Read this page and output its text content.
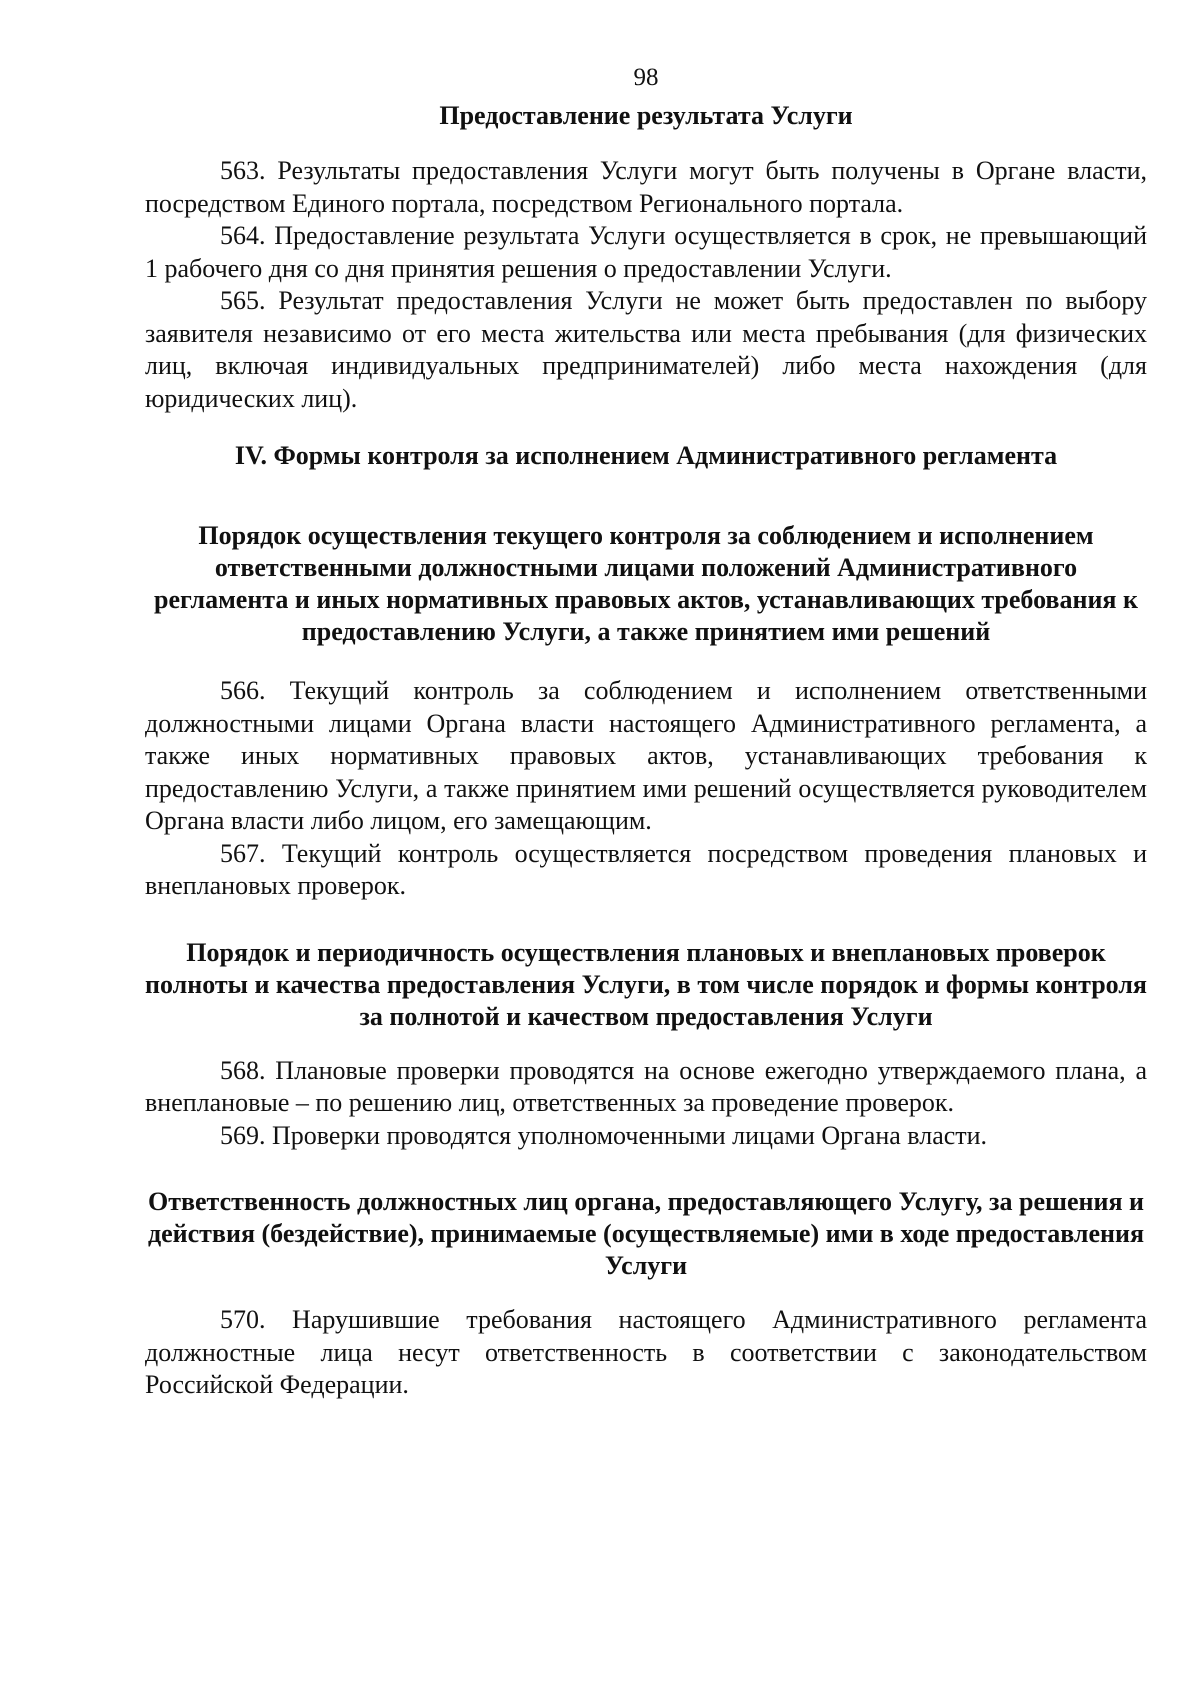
98
Предоставление результата Услуги

563. Результаты предоставления Услуги могут быть получены в Органе власти, посредством Единого портала, посредством Регионального портала.

564. Предоставление результата Услуги осуществляется в срок, не превышающий 1 рабочего дня со дня принятия решения о предоставлении Услуги.

565. Результат предоставления Услуги не может быть предоставлен по выбору заявителя независимо от его места жительства или места пребывания (для физических лиц, включая индивидуальных предпринимателей) либо места нахождения (для юридических лиц).

IV. Формы контроля за исполнением Административного регламента
Порядок осуществления текущего контроля за соблюдением и исполнением ответственными должностными лицами положений Административного регламента и иных нормативных правовых актов, устанавливающих требования к предоставлению Услуги, а также принятием ими решений

566. Текущий контроль за соблюдением и исполнением ответственными должностными лицами Органа власти настоящего Административного регламента, а также иных нормативных правовых актов, устанавливающих требования к предоставлению Услуги, а также принятием ими решений осуществляется руководителем Органа власти либо лицом, его замещающим.

567. Текущий контроль осуществляется посредством проведения плановых и внеплановых проверок.

Порядок и периодичность осуществления плановых и внеплановых проверок полноты и качества предоставления Услуги, в том числе порядок и формы контроля за полнотой и качеством предоставления Услуги

568. Плановые проверки проводятся на основе ежегодно утверждаемого плана, а внеплановые – по решению лиц, ответственных за проведение проверок.

569. Проверки проводятся уполномоченными лицами Органа власти.

Ответственность должностных лиц органа, предоставляющего Услугу, за решения и действия (бездействие), принимаемые (осуществляемые) ими в ходе предоставления Услуги

570. Нарушившие требования настоящего Административного регламента должностные лица несут ответственность в соответствии с законодательством Российской Федерации.
